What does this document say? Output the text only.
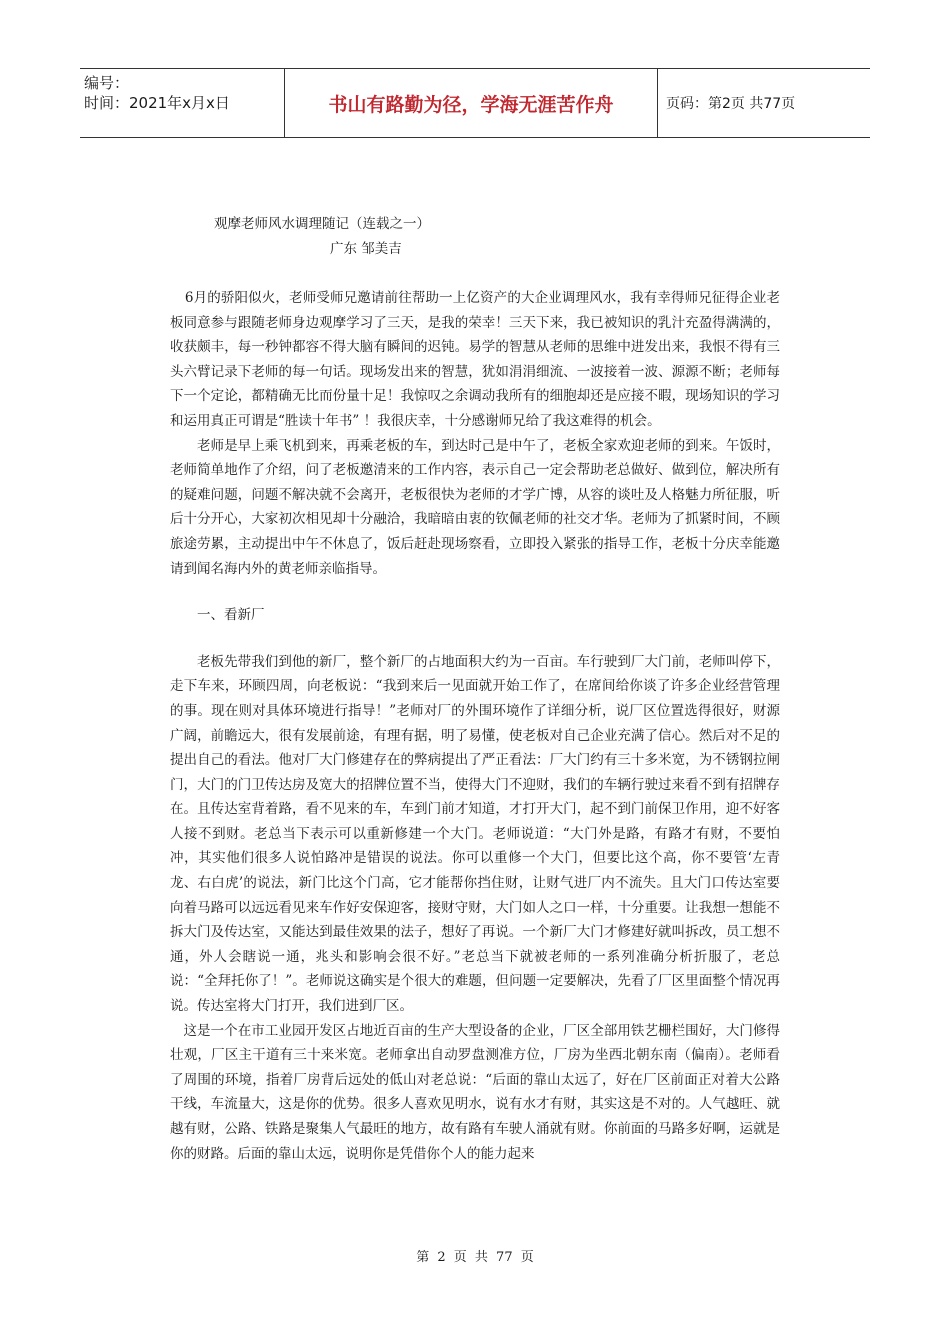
编号：
时间：2021年x月x日	书山有路勤为径，学海无涯苦作舟	页码：第2页 共77页
观摩老师风水调理随记（连载之一）
广东 邹美吉

6月的骄阳似火，老师受师兄邀请前往帮助一上亿资产的大企业调理风水，我有幸得师兄征得企业老板同意参与跟随老师身边观摩学习了三天，是我的荣幸！三天下来，我已被知识的乳汁充盈得满满的，收获颇丰，每一秒钟都容不得大脑有瞬间的迟钝。易学的智慧从老师的思维中进发出来，我恨不得有三头六臂记录下老师的每一句话。现场发出来的智慧，犹如涓涓细流、一波接着一波、源源不断；老师每下一个定论，都精确无比而份量十足！我惊叹之余调动我所有的细胞却还是应接不暇，现场知识的学习和运用真正可谓是“胜读十年书” ！我很庆幸，十分感谢师兄给了我这难得的机会。

老师是早上乘飞机到来，再乘老板的车，到达时己是中午了，老板全家欢迎老师的到来。午饭时，老师简单地作了介绍，问了老板邀清来的工作内容，表示自己一定会帮助老总做好、做到位，解决所有的疑难问题，问题不解决就不会离开，老板很快为老师的才学广博，从容的谈吐及人格魅力所征服，听后十分开心，大家初次相见却十分融洽，我暗暗由衷的钦佩老师的社交才华。老师为了抓紧时间，不顾旅途劳累，主动提出中午不休息了，饭后赶赴现场察看，立即投入紧张的指导工作，老板十分庆幸能邀请到闻名海内外的黄老师亲临指导。

一、看新厂

老板先带我们到他的新厂，整个新厂的占地面积大约为一百亩。车行驶到厂大门前，老师叫停下，走下车来，环顾四周，向老板说：“我到来后一见面就开始工作了，在席间给你谈了许多企业经营管理的事。现在则对具体环境进行指导！”老师对厂的外围环境作了详细分析，说厂区位置选得很好，财源广阔，前瞻远大，很有发展前途，有理有据，明了易懂，使老板对自己企业充满了信心。然后对不足的提出自己的看法。他对厂大门修建存在的弊病提出了严正看法：厂大门约有三十多米宽，为不锈钢拉闸门，大门的门卫传达房及宽大的招牌位置不当，使得大门不迎财，我们的车辆行驶过来看不到有招牌存在。且传达室背着路，看不见来的车，车到门前才知道，才打开大门，起不到门前保卫作用，迎不好客人接不到财。老总当下表示可以重新修建一个大门。老师说道：“大门外是路，有路才有财，不要怕冲，其实他们很多人说怕路冲是错误的说法。你可以重修一个大门，但要比这个高，你不要管‘左青龙、右白虎’的说法，新门比这个门高，它才能帮你挡住财，让财气进厂内不流失。且大门口传达室要向着马路可以远远看见来车作好安保迎客，接财守财，大门如人之口一样，十分重要。让我想一想能不拆大门及传达室，又能达到最佳效果的法子，想好了再说。一个新厂大门才修建好就叫拆改，员工想不通，外人会瞎说一通，兆头和影响会很不好。”老总当下就被老师的一系列准确分析折服了，老总说：“全拜托你了！”。老师说这确实是个很大的难题，但问题一定要解决，先看了厂区里面整个情况再说。传达室将大门打开，我们进到厂区。

这是一个在市工业园开发区占地近百亩的生产大型设备的企业，厂区全部用铁艺栅栏围好，大门修得壮观，厂区主干道有三十来米宽。老师拿出自动罗盘测准方位，厂房为坐西北朝东南（偏南）。老师看了周围的环境，指着厂房背后远处的低山对老总说：“后面的靠山太远了，好在厂区前面正对着大公路干线，车流量大，这是你的优势。很多人喜欢见明水，说有水才有财，其实这是不对的。人气越旺、就越有财，公路、铁路是聚集人气最旺的地方，故有路有车驶人涌就有财。你前面的马路多好啊，运就是你的财路。后面的靠山太远，说明你是凭借你个人的能力起来

第 2 页 共 77 页
